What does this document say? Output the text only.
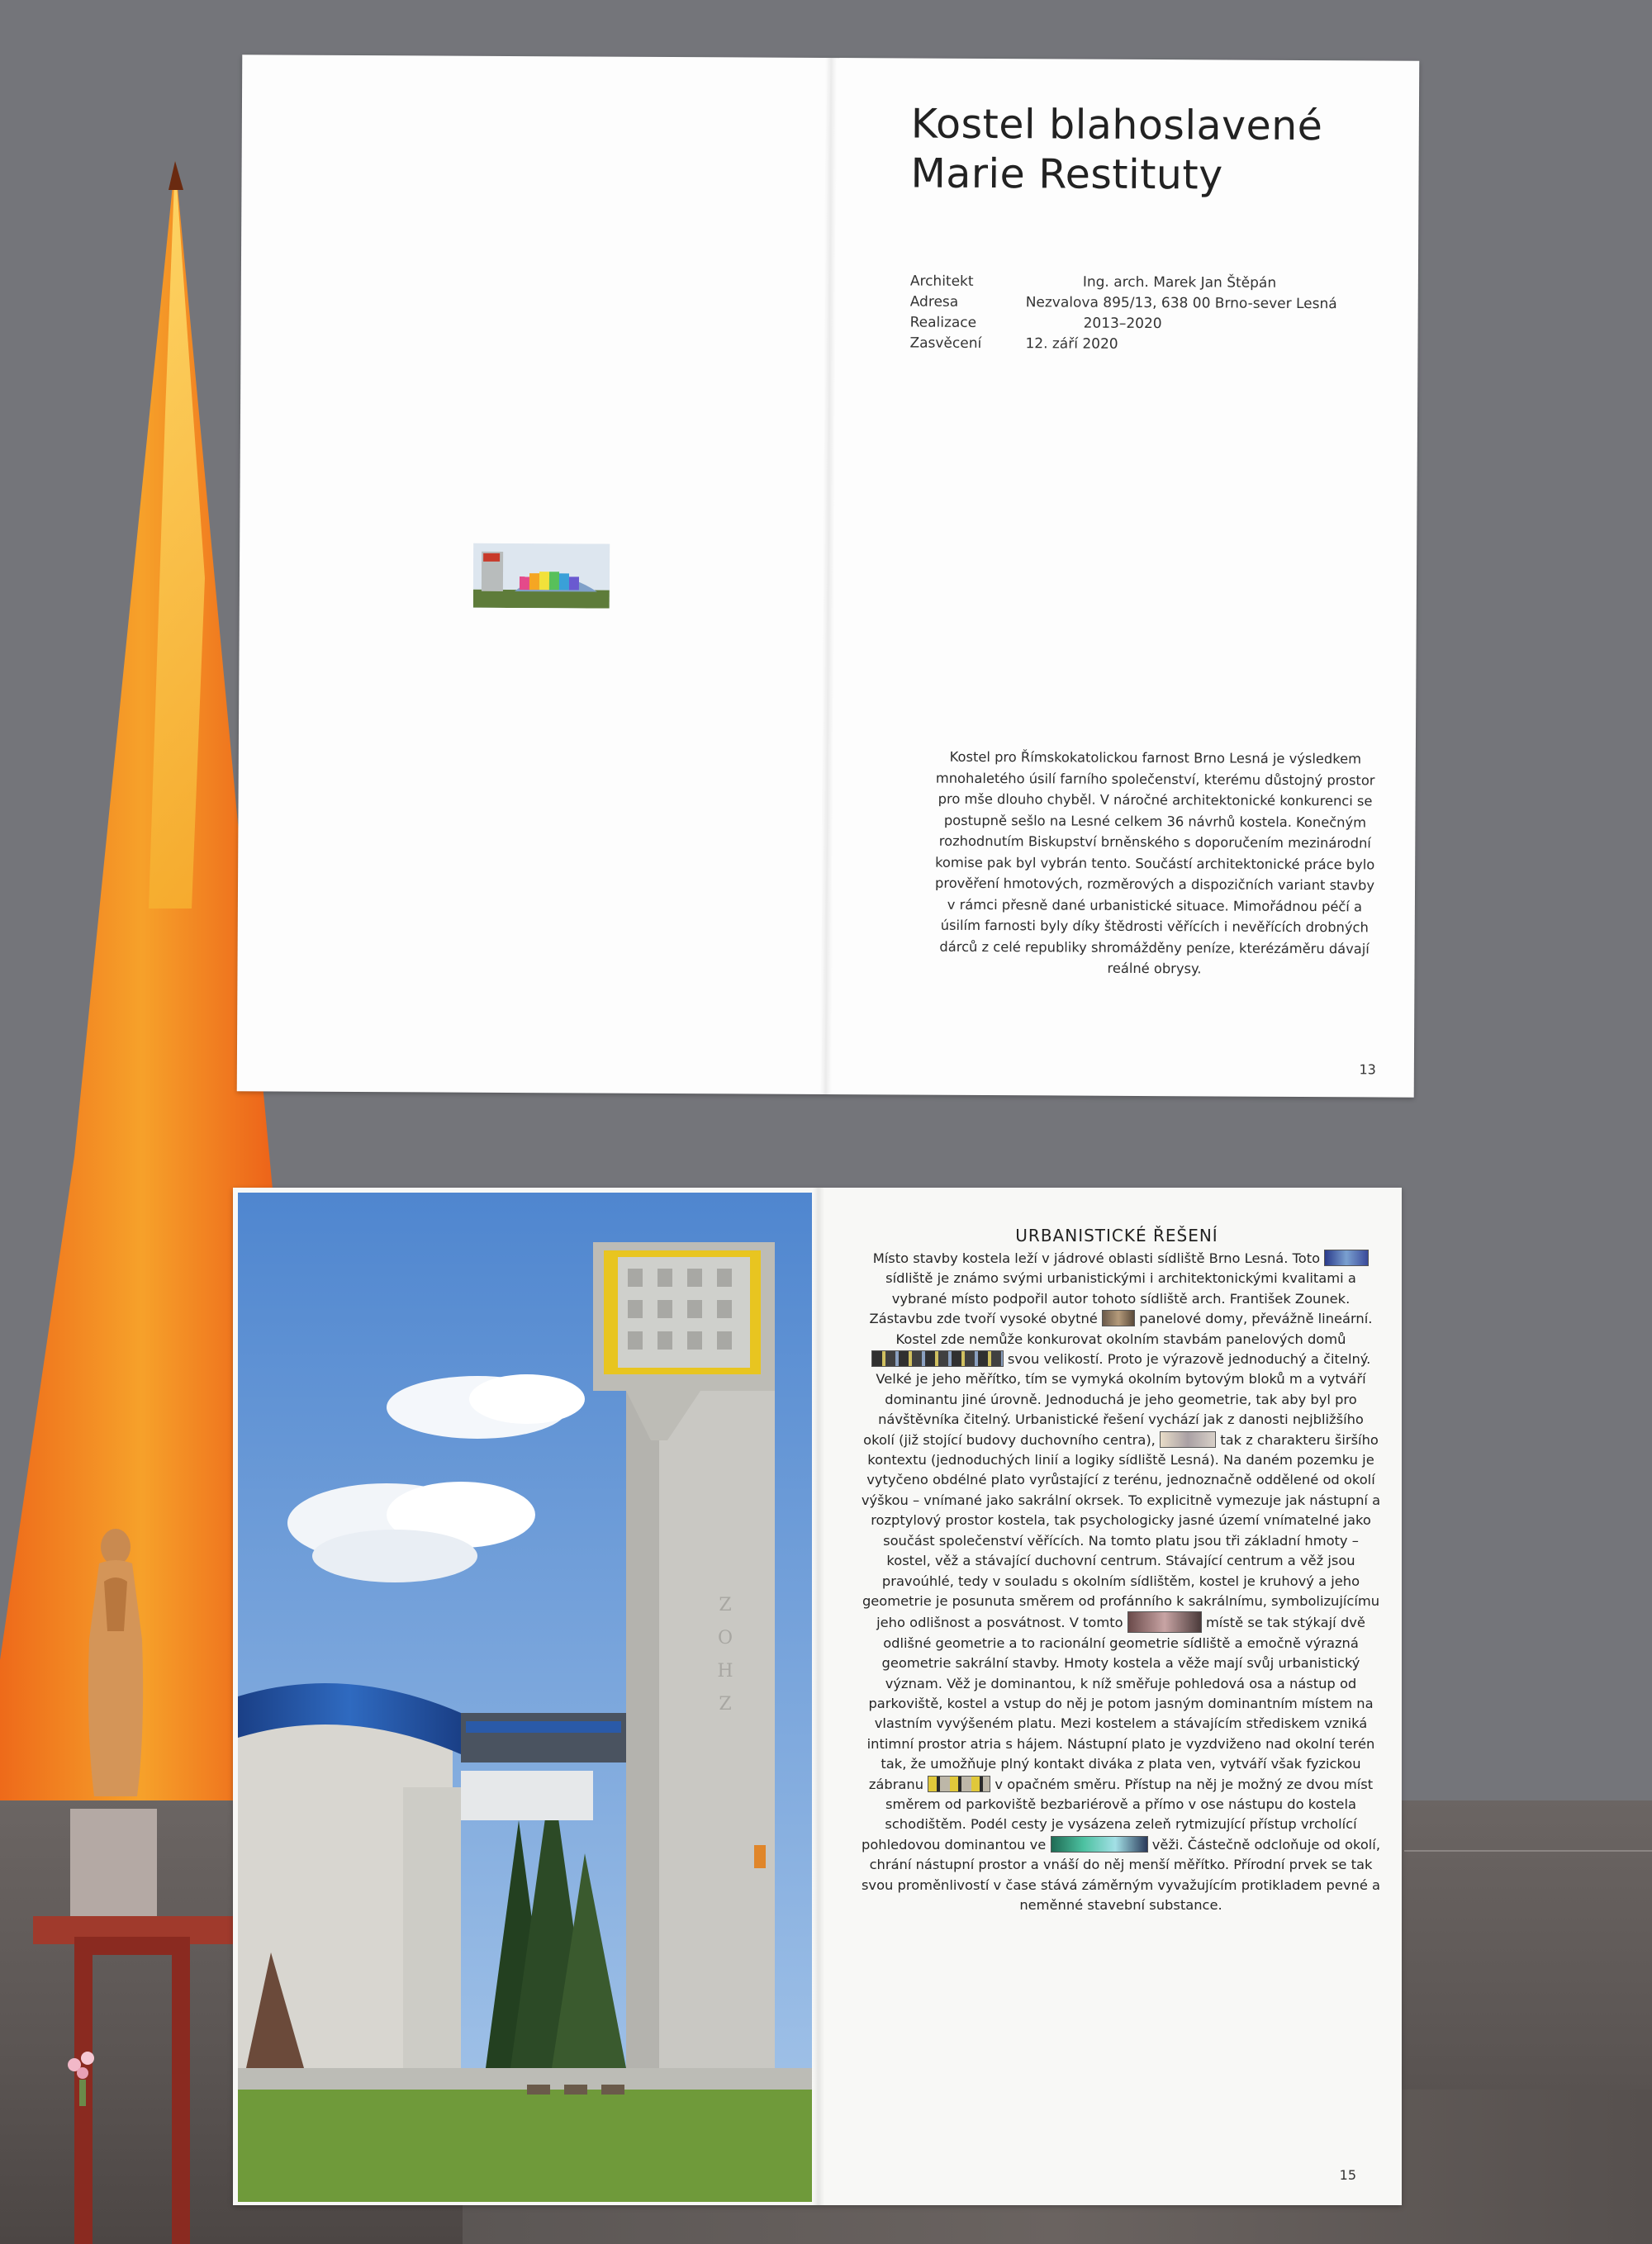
Kostel blahoslavené
Marie Restituty
Architekt	Ing. arch. Marek Jan Štěpán
Adresa	Nezvalova 895/13, 638 00 Brno-sever Lesná
Realizace	2013–2020
Zasvěcení	12. září 2020

Kostel pro Římskokatolickou farnost Brno Lesná je výsledkem mnohaletého úsilí farního společenství, kterému důstojný prostor pro mše dlouho chyběl. V náročné architektonické konkurenci se postupně sešlo na Lesné celkem 36 návrhů kostela. Konečným rozhodnutím Biskupství brněnského s doporučením mezinárodní komise pak byl vybrán tento. Součástí architektonické práce bylo prověření hmotových, rozměrových a dispozičních variant stavby v rámci přesně dané urbanistické situace. Mimořádnou péčí a úsilím farnosti byly díky štědrosti věřících i nevěřících drobných dárců z celé republiky shromážděny peníze, kterézáměru dávají reálné obrysy.

13
ZOH Z
URBANISTICKÉ ŘEŠENÍ

Místo stavby kostela leží v jádrové oblasti sídliště Brno Lesná. Toto  sídliště je známo svými urbanistickými i architektonickými kvalitami a vybrané místo podpořil autor tohoto sídliště arch. František Zounek. Zástavbu zde tvoří vysoké obytné	panelové domy, převážně lineární. Kostel zde nemůže konkurovat okolním stavbám panelových domů  svou velikostí. Proto je výrazově jednoduchý a čitelný. Velké je jeho měřítko, tím se vymyká okolním bytovým bloků m a vytváří dominantu jiné úrovně. Jednoduchá je jeho geometrie, tak aby byl pro návštěvníka čitelný. Urbanistické řešení vychází jak z danosti nejbližšího okolí (již stojící budovy duchovního centra),	tak z charakteru širšího kontextu (jednoduchých linií a logiky sídliště Lesná). Na daném pozemku je vytyčeno obdélné plato vyrůstající z terénu, jednoznačně oddělené od okolí výškou – vnímané jako sakrální okrsek. To explicitně vymezuje jak nástupní a rozptylový prostor kostela, tak psychologicky jasné území vnímatelné jako součást společenství věřících. Na tomto platu jsou tři základní hmoty – kostel, věž a stávající duchovní centrum. Stávající centrum a věž jsou pravoúhlé, tedy v souladu s okolním sídlištěm, kostel je kruhový a jeho geometrie je posunuta směrem od profánního k sakrálnímu, symbolizujícímu jeho odlišnost a posvátnost. V tomto	místě se tak stýkají dvě odlišné geometrie a to racionální geometrie sídliště a emočně výrazná geometrie sakrální stavby. Hmoty kostela a věže mají svůj urbanistický význam. Věž je dominantou, k níž směřuje pohledová osa a nástup od parkoviště, kostel a vstup do něj je potom jasným dominantním místem na vlastním vyvýšeném platu. Mezi kostelem a stávajícím střediskem vzniká intimní prostor atria s hájem. Nástupní plato je vyzdviženo nad okolní terén tak, že umožňuje plný kontakt diváka z plata ven, vytváří však fyzickou zábranu	v opačném směru. Přístup na něj je možný ze dvou míst směrem od parkoviště bezbariérově a přímo v ose nástupu do kostela schodištěm. Podél cesty je vysázena zeleň rytmizující přístup vrcholící pohledovou dominantou ve	věži. Částečně odcloňuje od okolí, chrání nástupní prostor a vnáší do něj menší měřítko. Přírodní prvek se tak svou proměnlivostí v čase stává záměrným vyvažujícím protikladem pevné a neměnné stavební substance.

15
